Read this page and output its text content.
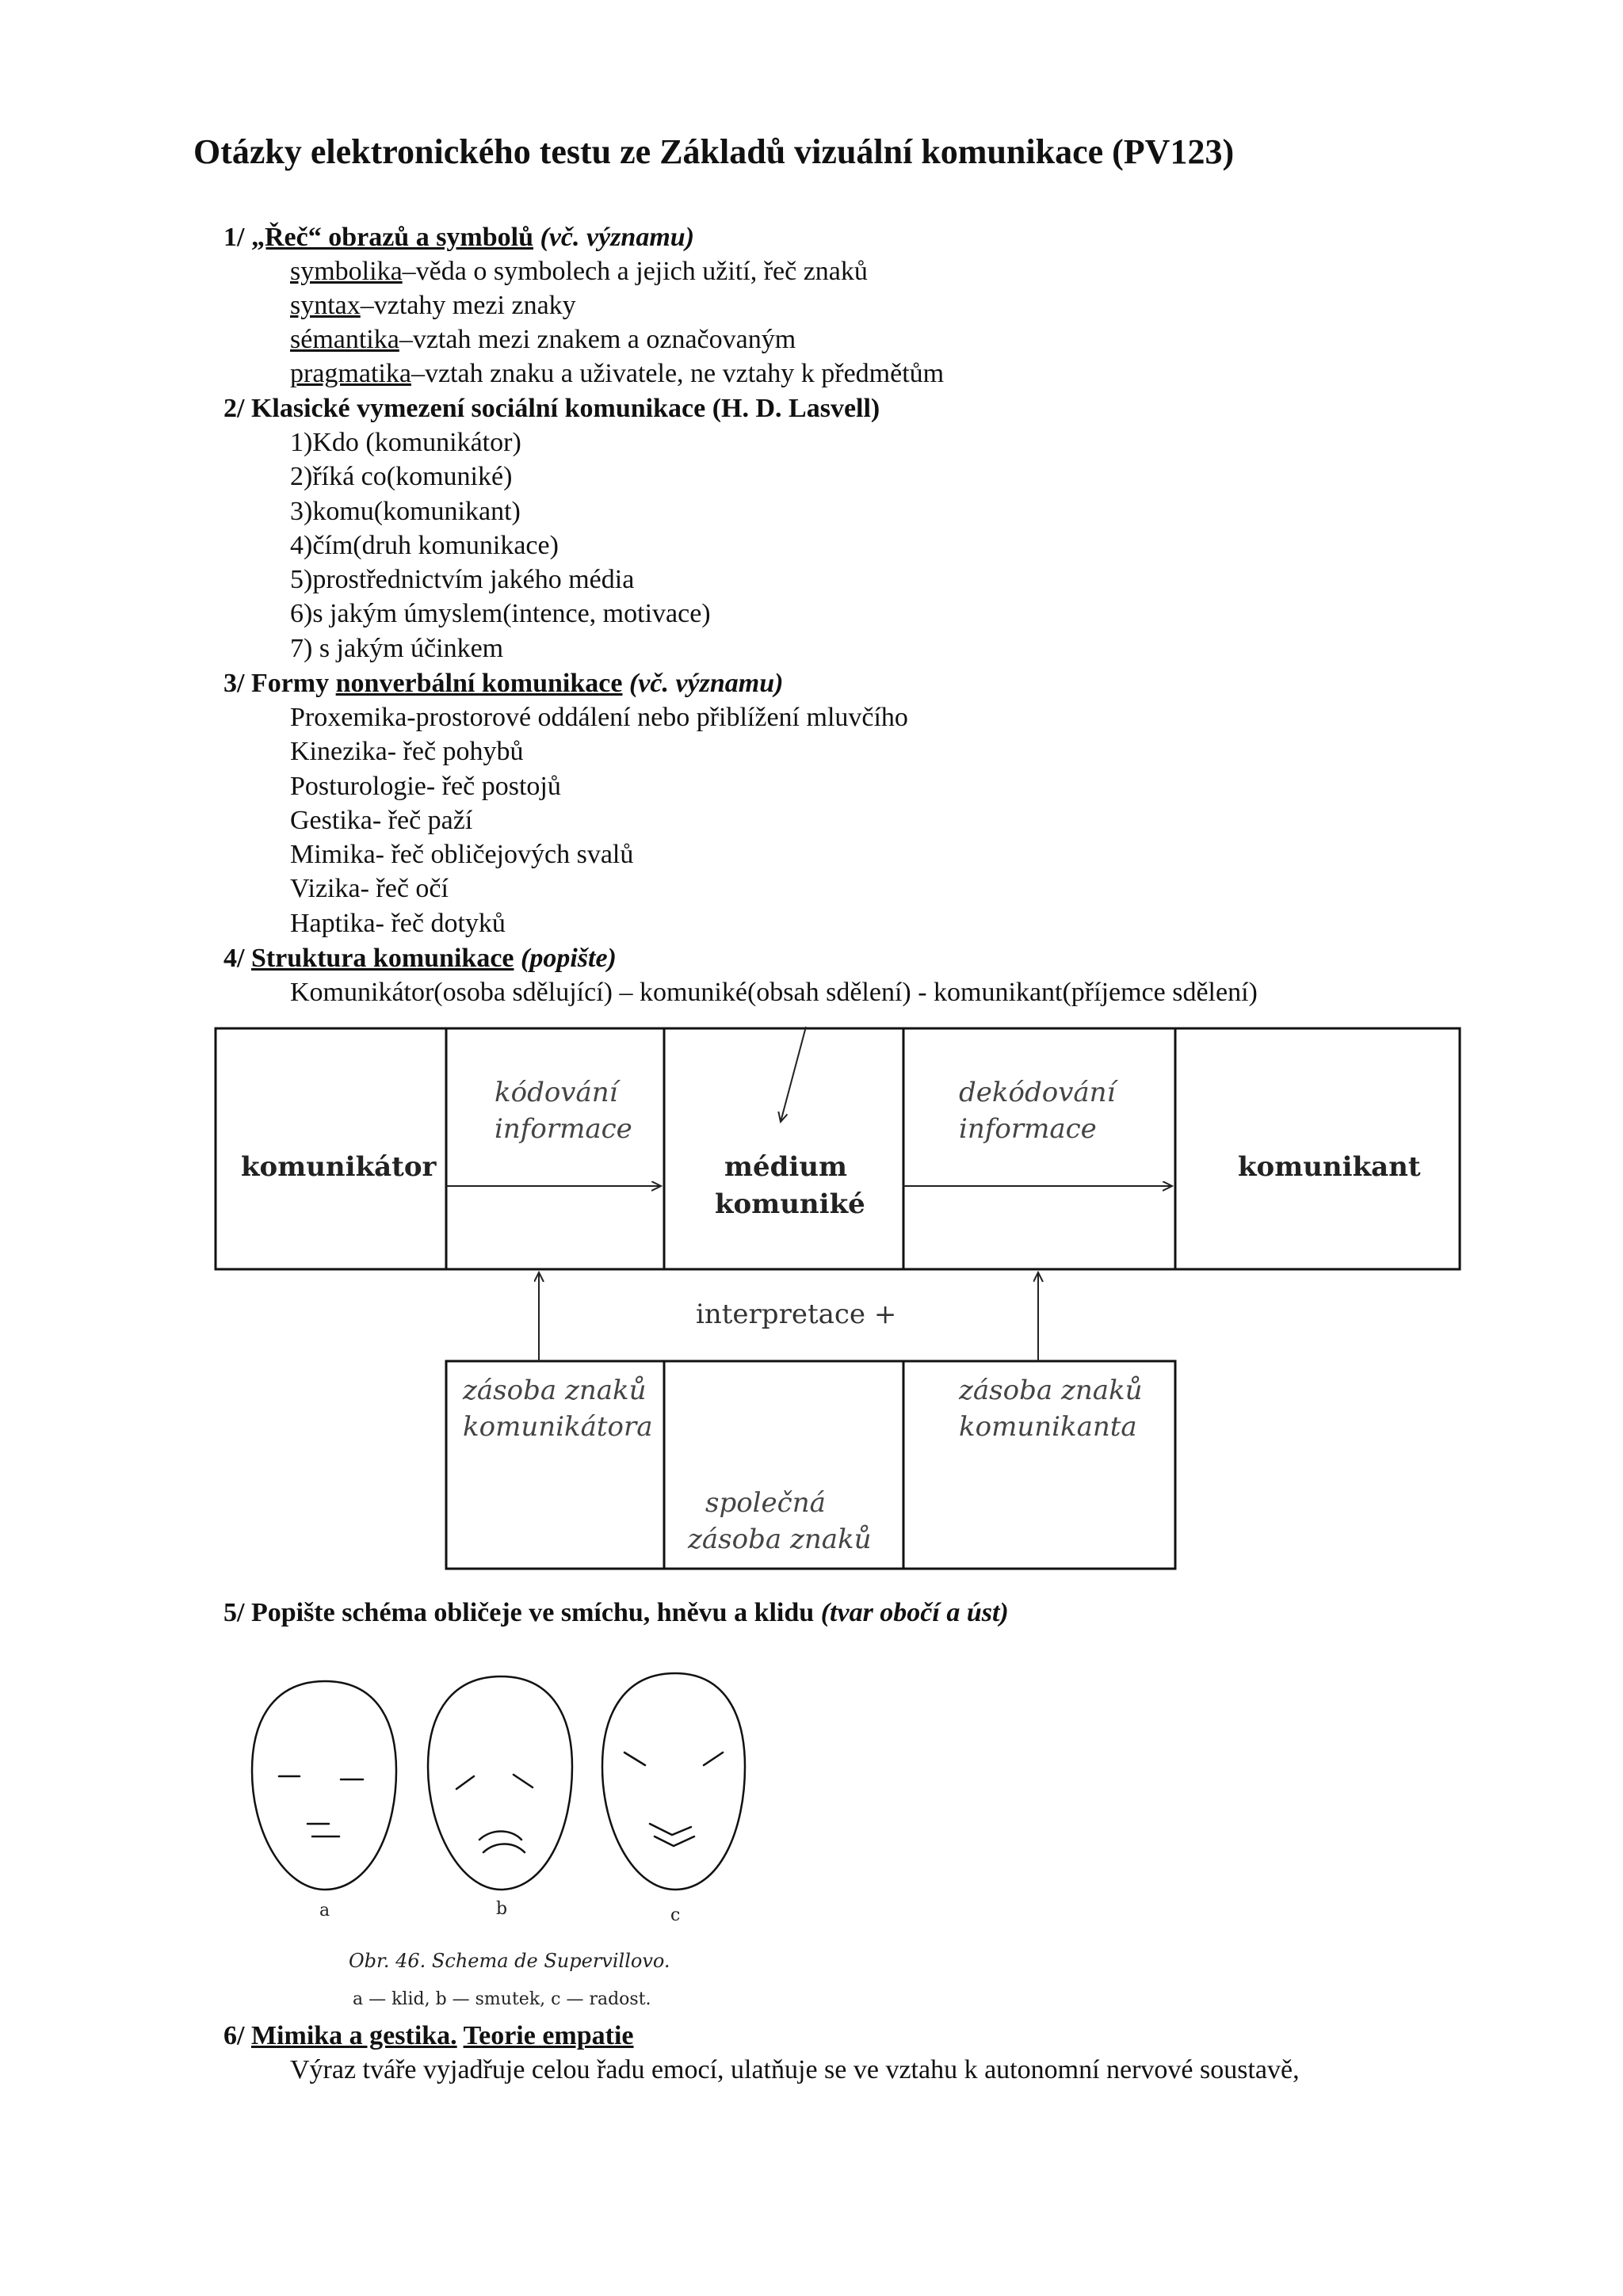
Otázky elektronického testu ze Základů vizuální komunikace (PV123)
1/ „Řeč“ obrazů a symbolů (vč. významu)
symbolika–věda o symbolech a jejich užití, řeč znaků
syntax–vztahy mezi znaky
sémantika–vztah mezi znakem a označovaným
pragmatika–vztah znaku a uživatele, ne vztahy k předmětům
2/ Klasické vymezení sociální komunikace (H. D. Lasvell)
1)Kdo (komunikátor)
2)říká co(komuniké)
3)komu(komunikant)
4)čím(druh komunikace)
5)prostřednictvím jakého média
6)s jakým úmyslem(intence, motivace)
7) s jakým účinkem
3/ Formy nonverbální komunikace (vč. významu)
Proxemika-prostorové oddálení nebo přiblížení mluvčího
Kinezika- řeč pohybů
Posturologie- řeč postojů
Gestika- řeč paží
Mimika- řeč obličejových svalů
Vizika- řeč očí
Haptika- řeč dotyků
4/ Struktura komunikace (popište)
Komunikátor(osoba sdělující) – komuniké(obsah sdělení) - komunikant(příjemce sdělení)
komunikátor
kódování
informace
médium
komuniké
dekódování
informace
komunikant
interpretace +
zásoba znaků
komunikátora
společná
zásoba znaků
zásoba znaků
komunikanta
5/ Popište schéma obličeje ve smíchu, hněvu a klidu (tvar obočí a úst)
a	b	c
Obr. 46. Schema de Supervillovo.
a — klid, b — smutek, c — radost.
6/ Mimika a gestika. Teorie empatie
Výraz tváře vyjadřuje celou řadu emocí, ulatňuje se ve vztahu k autonomní nervové soustavě,
